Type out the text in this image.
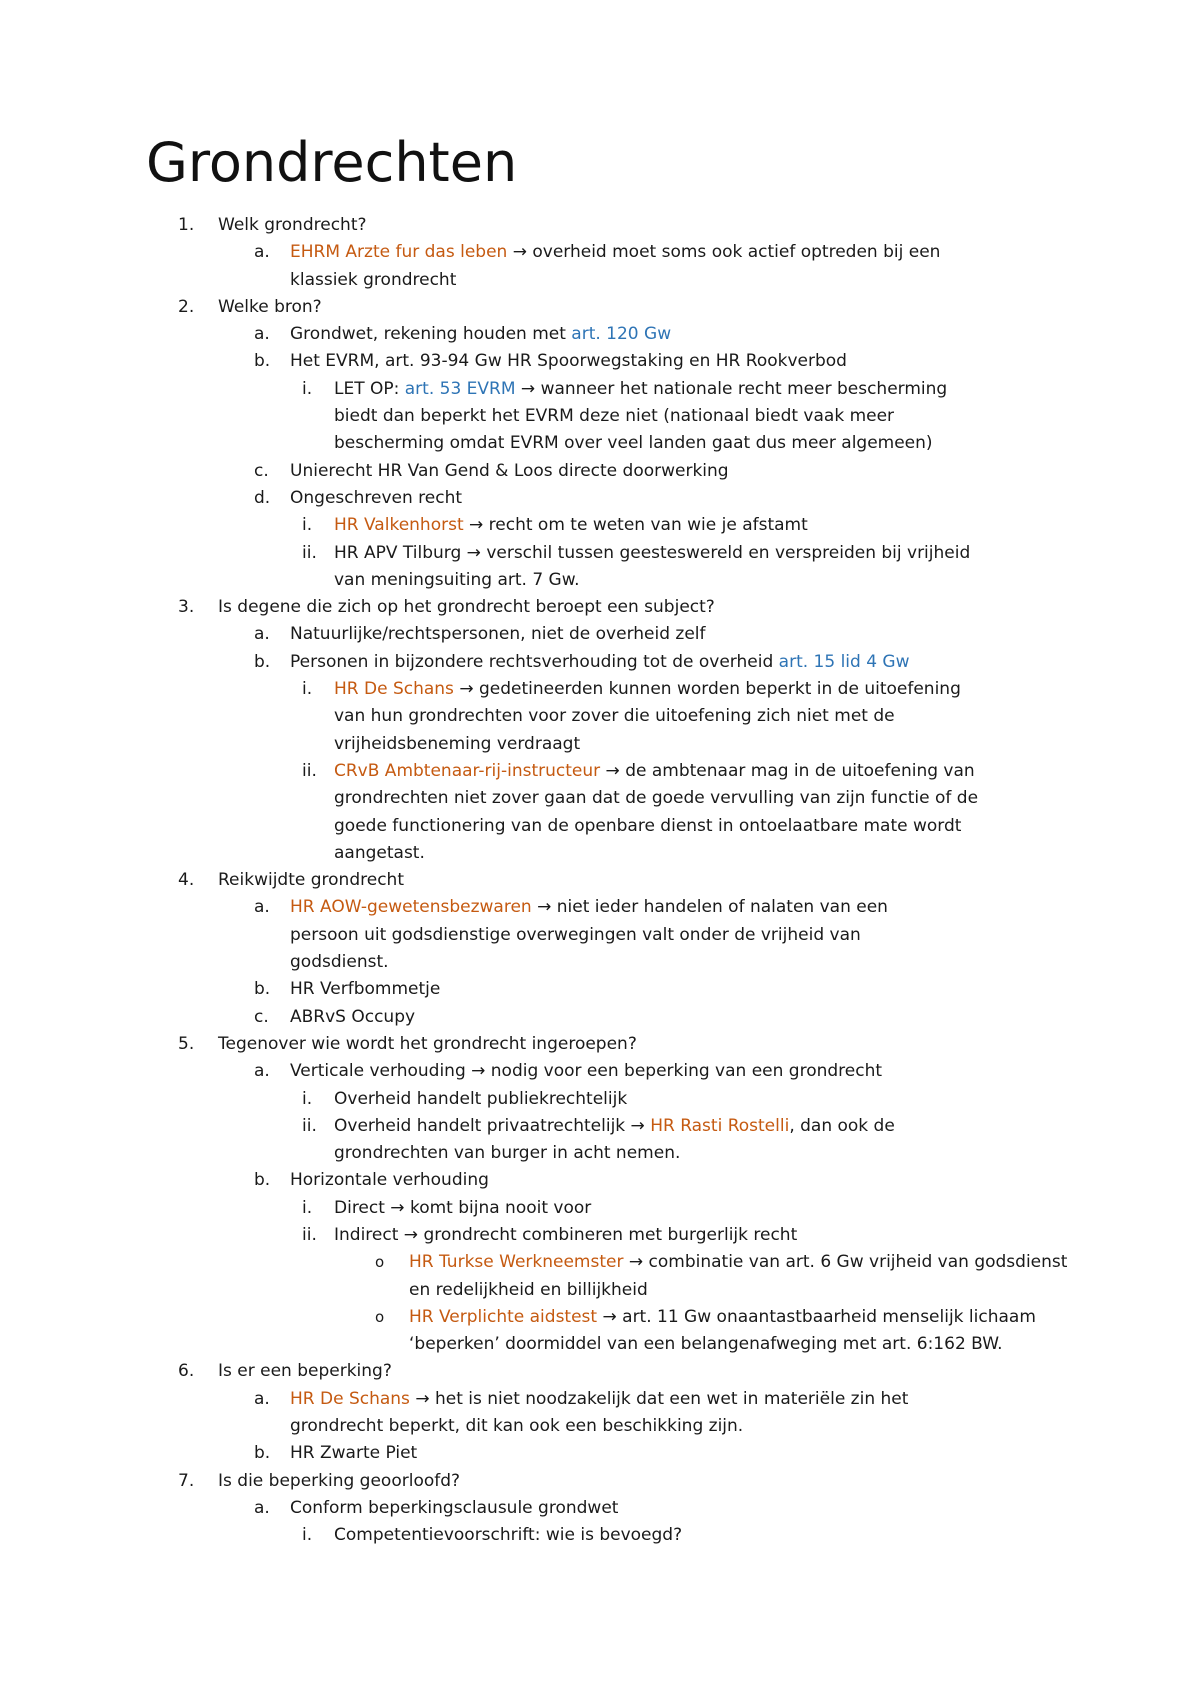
Grondrechten
1. Welk grondrecht?
a. EHRM Arzte fur das leben → overheid moet soms ook actief optreden bij een klassiek grondrecht
2. Welke bron?
a. Grondwet, rekening houden met art. 120 Gw
b. Het EVRM, art. 93-94 Gw HR Spoorwegstaking en HR Rookverbod
i. LET OP: art. 53 EVRM → wanneer het nationale recht meer bescherming biedt dan beperkt het EVRM deze niet (nationaal biedt vaak meer bescherming omdat EVRM over veel landen gaat dus meer algemeen)
c. Unierecht HR Van Gend & Loos directe doorwerking
d. Ongeschreven recht
i. HR Valkenhorst → recht om te weten van wie je afstamt
ii. HR APV Tilburg → verschil tussen geesteswereld en verspreiden bij vrijheid van meningsuiting art. 7 Gw.
3. Is degene die zich op het grondrecht beroept een subject?
a. Natuurlijke/rechtspersonen, niet de overheid zelf
b. Personen in bijzondere rechtsverhouding tot de overheid art. 15 lid 4 Gw
i. HR De Schans → gedetineerden kunnen worden beperkt in de uitoefening van hun grondrechten voor zover die uitoefening zich niet met de vrijheidsbeneming verdraagt
ii. CRvB Ambtenaar-rij-instructeur → de ambtenaar mag in de uitoefening van grondrechten niet zover gaan dat de goede vervulling van zijn functie of de goede functionering van de openbare dienst in ontoelaatbare mate wordt aangetast.
4. Reikwijdte grondrecht
a. HR AOW-gewetensbezwaren → niet ieder handelen of nalaten van een persoon uit godsdienstige overwegingen valt onder de vrijheid van godsdienst.
b. HR Verfbommetje
c. ABRvS Occupy
5. Tegenover wie wordt het grondrecht ingeroepen?
a. Verticale verhouding → nodig voor een beperking van een grondrecht
i. Overheid handelt publiekrechtelijk
ii. Overheid handelt privaatrechtelijk → HR Rasti Rostelli, dan ook de grondrechten van burger in acht nemen.
b. Horizontale verhouding
i. Direct → komt bijna nooit voor
ii. Indirect → grondrecht combineren met burgerlijk recht
o HR Turkse Werkneemster → combinatie van art. 6 Gw vrijheid van godsdienst en redelijkheid en billijkheid
o HR Verplichte aidstest → art. 11 Gw onaantastbaarheid menselijk lichaam ‘beperken’ doormiddel van een belangenafweging met art. 6:162 BW.
6. Is er een beperking?
a. HR De Schans → het is niet noodzakelijk dat een wet in materiële zin het grondrecht beperkt, dit kan ook een beschikking zijn.
b. HR Zwarte Piet
7. Is die beperking geoorloofd?
a. Conform beperkingsclausule grondwet
i. Competentievoorschrift: wie is bevoegd?
